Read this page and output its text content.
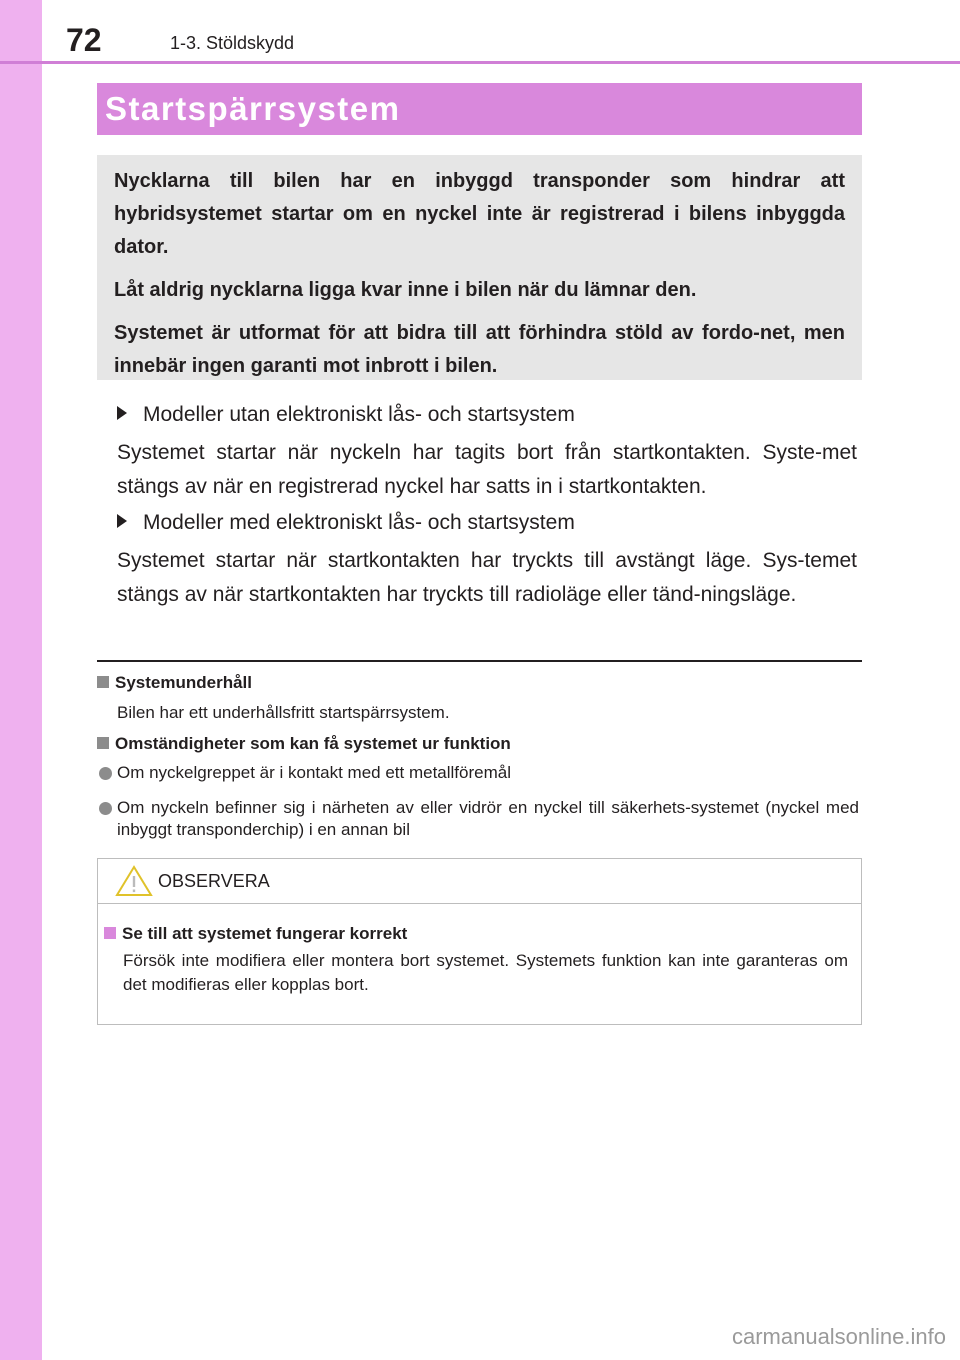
72	1-3. Stöldskydd
Startspärrsystem

Nycklarna till bilen har en inbyggd transponder som hindrar att hybridsystemet startar om en nyckel inte är registrerad i bilens inbyggda dator.

Låt aldrig nycklarna ligga kvar inne i bilen när du lämnar den.

Systemet är utformat för att bidra till att förhindra stöld av fordo-net, men innebär ingen garanti mot inbrott i bilen.

Modeller utan elektroniskt lås- och startsystem
Systemet startar när nyckeln har tagits bort från startkontakten. Syste-met stängs av när en registrerad nyckel har satts in i startkontakten.
Modeller med elektroniskt lås- och startsystem
Systemet startar när startkontakten har tryckts till avstängt läge. Sys-temet stängs av när startkontakten har tryckts till radioläge eller tänd-ningsläge.
Systemunderhåll
Bilen har ett underhållsfritt startspärrsystem.
Omständigheter som kan få systemet ur funktion
Om nyckelgreppet är i kontakt med ett metallföremål
Om nyckeln befinner sig i närheten av eller vidrör en nyckel till säkerhets-systemet (nyckel med inbyggt transponderchip) i en annan bil
OBSERVERA
Se till att systemet fungerar korrekt
Försök inte modifiera eller montera bort systemet. Systemets funktion kan inte garanteras om det modifieras eller kopplas bort.
carmanualsonline.info
